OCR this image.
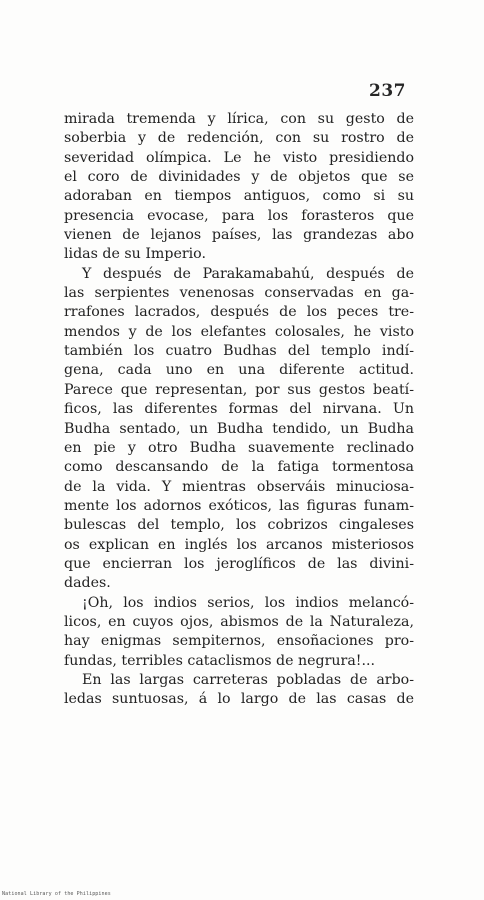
237
mirada tremenda y lírica, con su gesto de
soberbia y de redención, con su rostro de
severidad olímpica. Le he visto presidiendo
el coro de divinidades y de objetos que se
adoraban en tiempos antiguos, como si su
presencia evocase, para los forasteros que
vienen de lejanos países, las grandezas abo
lidas de su Imperio.
Y después de Parakamabahú, después de
las serpientes venenosas conservadas en ga-
rrafones lacrados, después de los peces tre-
mendos y de los elefantes colosales, he visto
también los cuatro Budhas del templo indí-
gena, cada uno en una diferente actitud.
Parece que representan, por sus gestos beatí-
ficos, las diferentes formas del nirvana. Un
Budha sentado, un Budha tendido, un Budha
en pie y otro Budha suavemente reclinado
como descansando de la fatiga tormentosa
de la vida. Y mientras observáis minuciosa-
mente los adornos exóticos, las figuras funam-
bulescas del templo, los cobrizos cingaleses
os explican en inglés los arcanos misteriosos
que encierran los jeroglíficos de las divini-
dades.
¡Oh, los indios serios, los indios melancó-
licos, en cuyos ojos, abismos de la Naturaleza,
hay enigmas sempiternos, ensoñaciones pro-
fundas, terribles cataclismos de negrura!...
En las largas carreteras pobladas de arbo-
ledas suntuosas, á lo largo de las casas de
National Library of the Philippines
